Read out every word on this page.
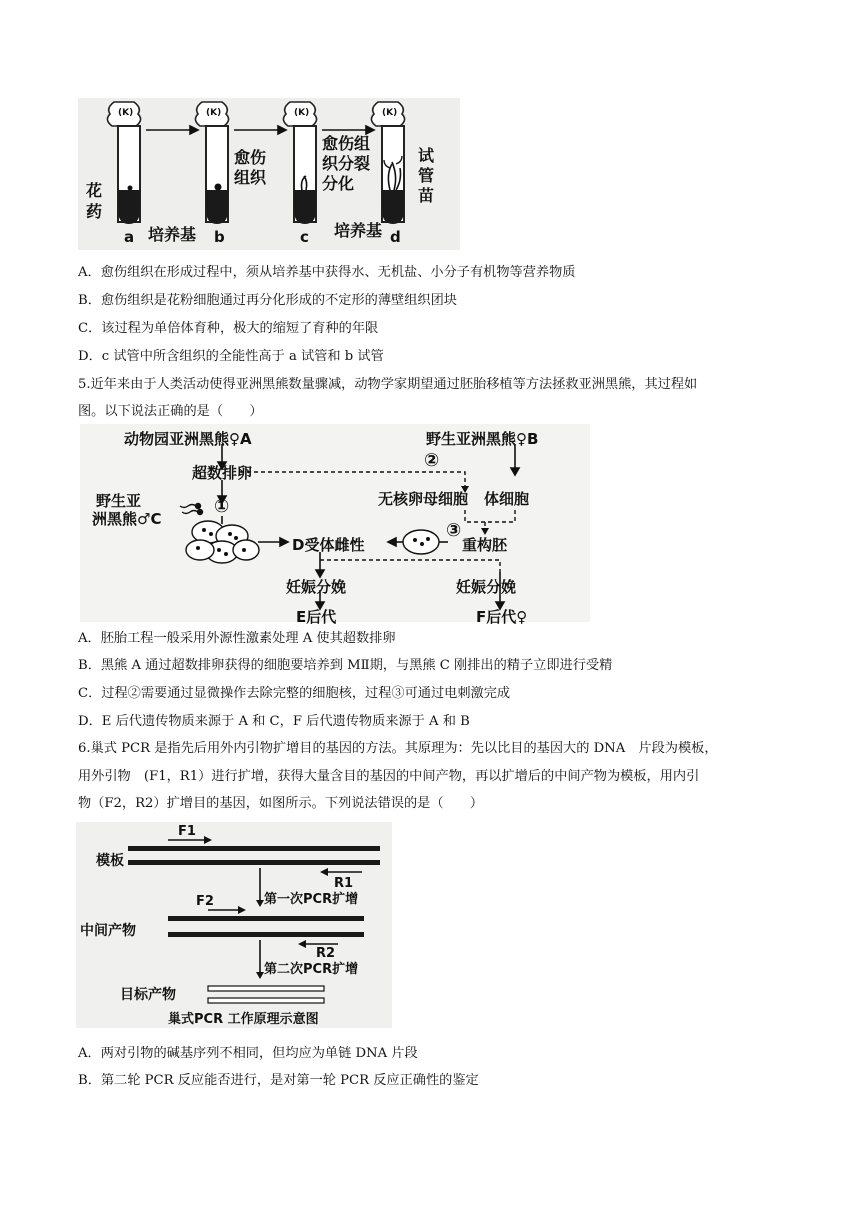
(K)	(K)	(K)	(K)
花
药
愈伤
组织
愈伤组
织分裂
分化
试
管
苗
培养基	培养基
a	b	c	d
A．愈伤组织在形成过程中，须从培养基中获得水、无机盐、小分子有机物等营养物质
B．愈伤组织是花粉细胞通过再分化形成的不定形的薄壁组织团块
C．该过程为单倍体育种，极大的缩短了育种的年限
D．c 试管中所含组织的全能性高于 a 试管和 b 试管
5.近年来由于人类活动使得亚洲黑熊数量骤减，动物学家期望通过胚胎移植等方法拯救亚洲黑熊，其过程如
图。以下说法正确的是（　　）
动物园亚洲黑熊♀A	野生亚洲黑熊♀B
超数排卵
②
野生亚
洲黑熊♂C
①	无核卵母细胞 体细胞
③
D受体雌性	重构胚
妊娠分娩	妊娠分娩
E后代	F后代♀
A．胚胎工程一般采用外源性激素处理 A 使其超数排卵
B．黑熊 A 通过超数排卵获得的细胞要培养到 MⅡ期，与黑熊 C 刚排出的精子立即进行受精
C．过程②需要通过显微操作去除完整的细胞核，过程③可通过电刺激完成
D．E 后代遗传物质来源于 A 和 C，F 后代遗传物质来源于 A 和 B
6.巢式 PCR 是指先后用外内引物扩增目的基因的方法。其原理为：先以比目的基因大的 DNA　片段为模板，
用外引物　(F1，R1）进行扩增，获得大量含目的基因的中间产物，再以扩增后的中间产物为模板，用内引
物（F2，R2）扩增目的基因，如图所示。下列说法错误的是（　　）
F1
模板
R1
第一次PCR扩增
F2
中间产物
R2
第二次PCR扩增
目标产物
巢式PCR 工作原理示意图
A．两对引物的碱基序列不相同，但均应为单链 DNA 片段
B．第二轮 PCR 反应能否进行，是对第一轮 PCR 反应正确性的鉴定
